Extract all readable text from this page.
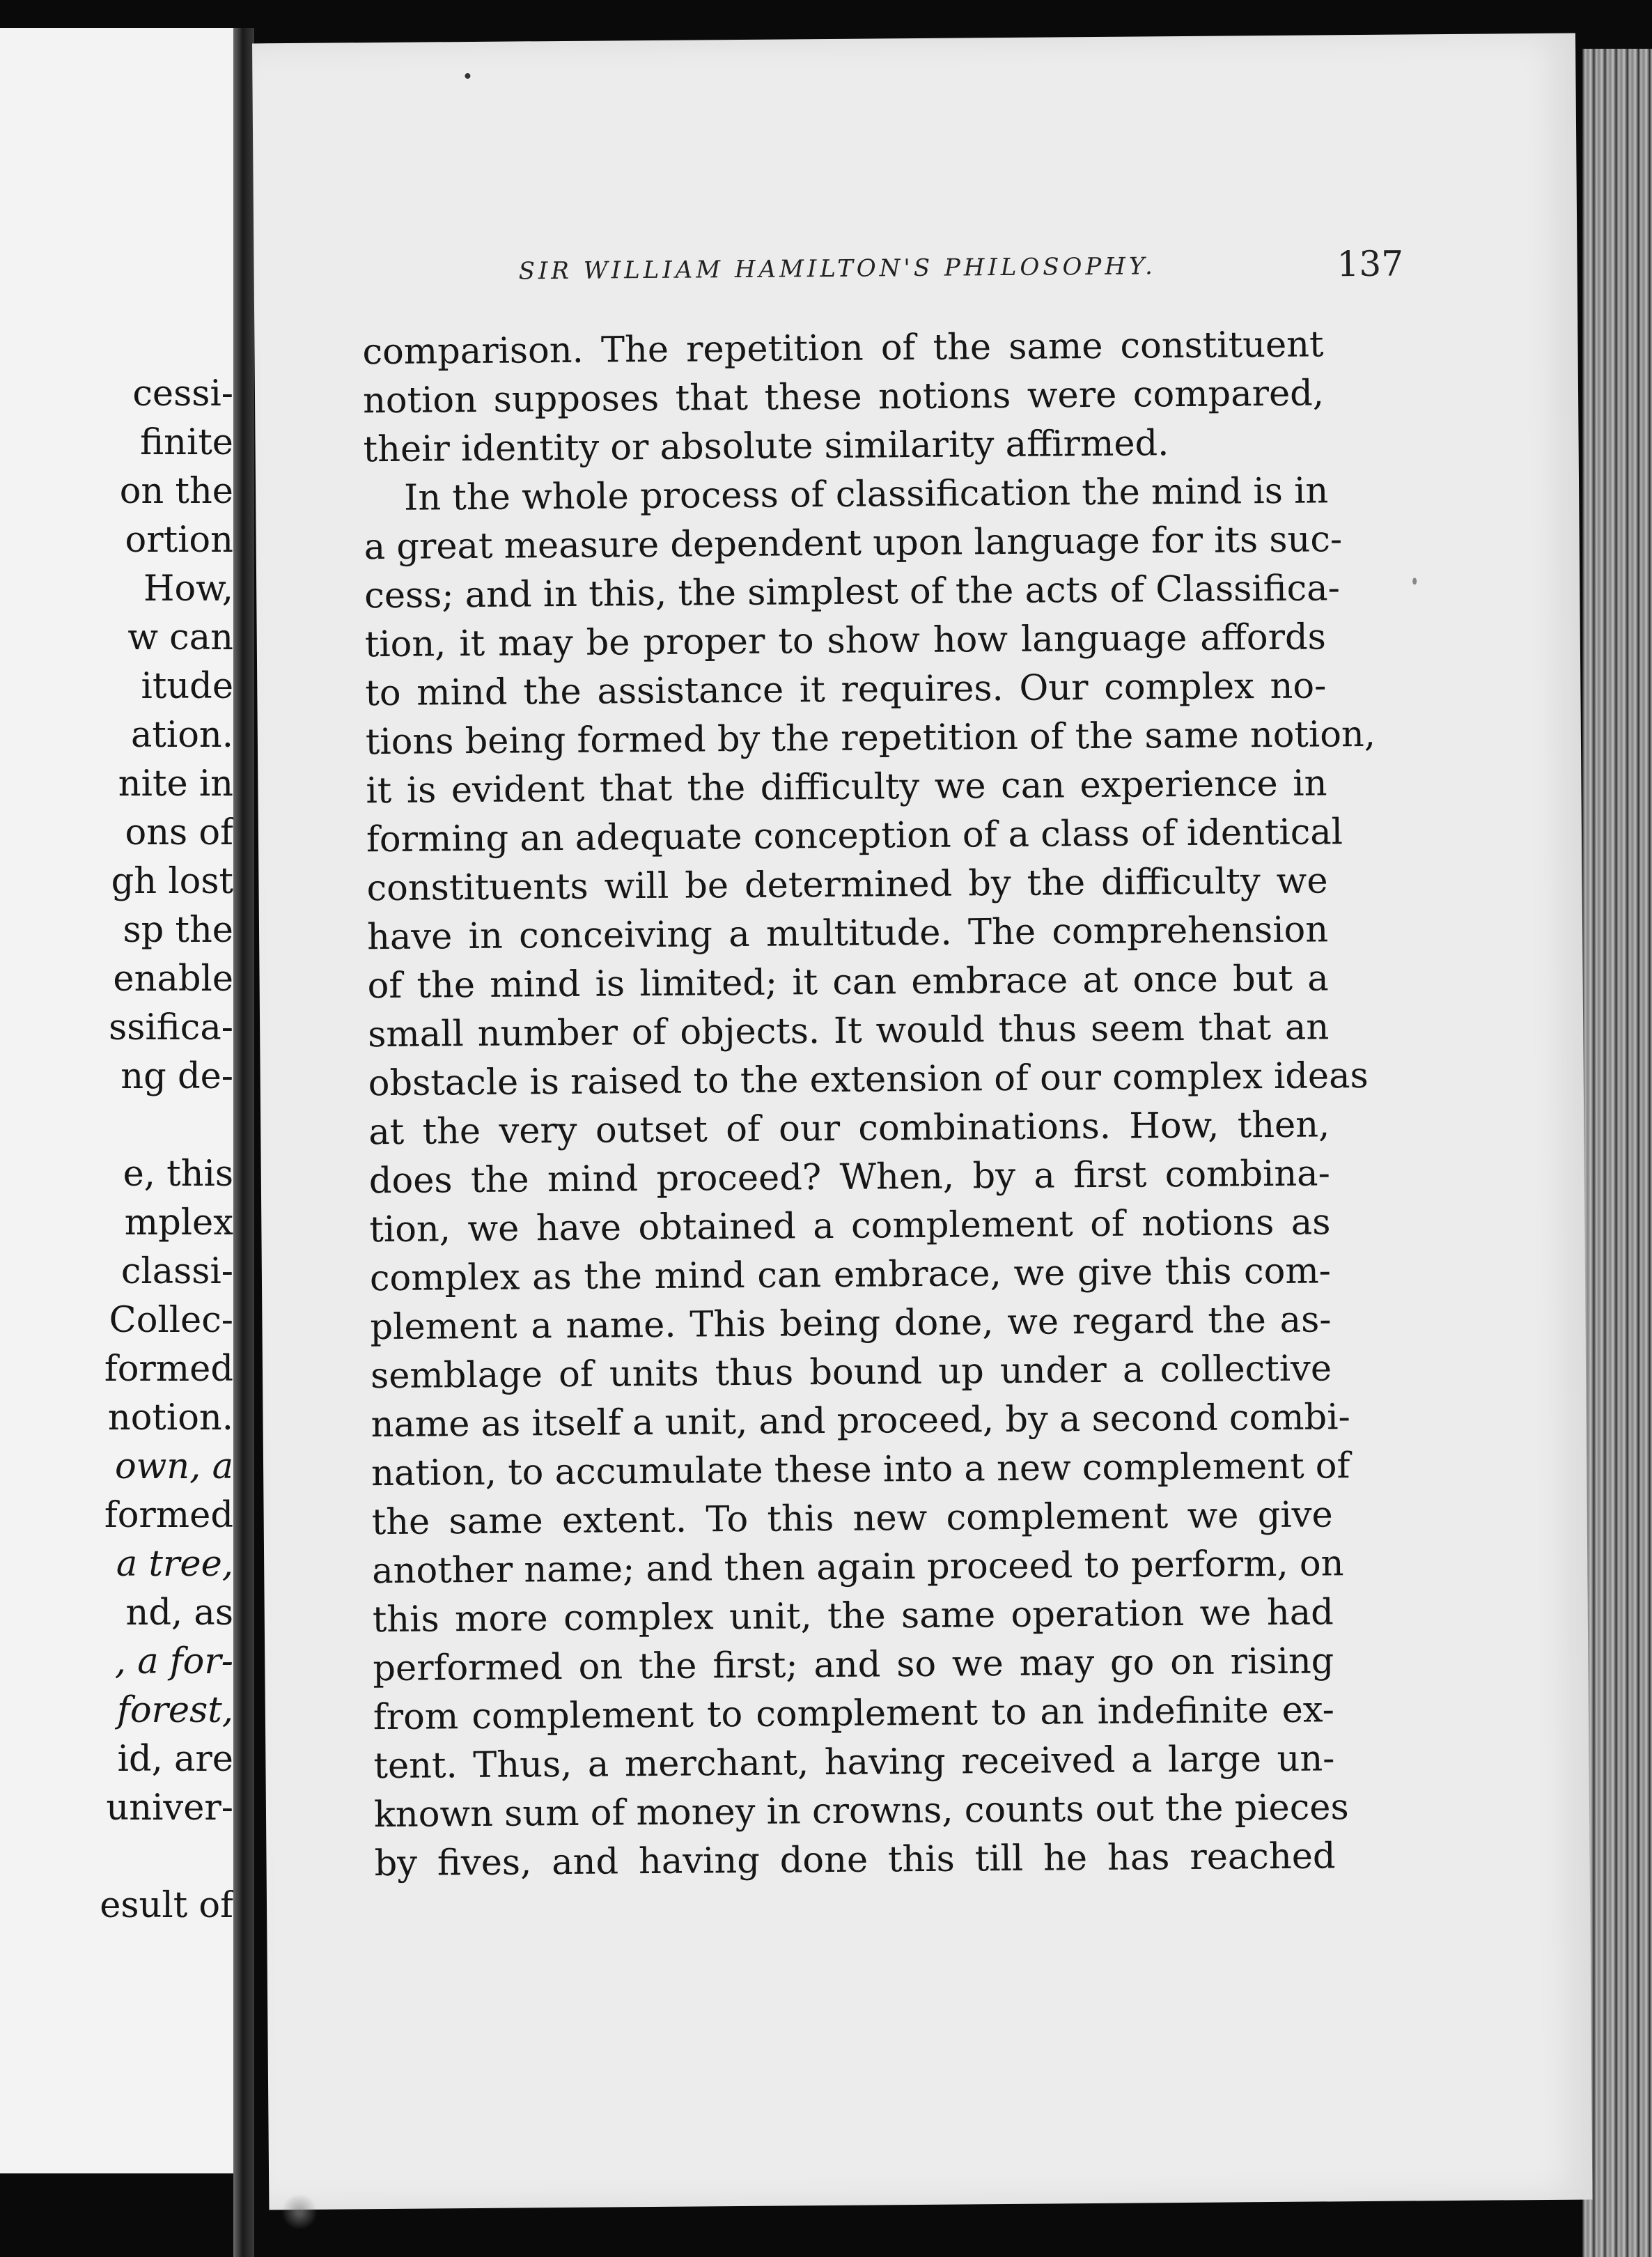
cessi-
finite
on the
ortion
How,
w can
itude
ation.
nite in
ons of
gh lost
sp the
enable
ssifica-
ng de-
e, this
mplex
classi-
Collec-
formed
notion.
own, a
formed
a tree,
nd, as
, a for-
forest,
id, are
univer-
esult of
SIR WILLIAM HAMILTON'S PHILOSOPHY.	137
comparison. The repetition of the same constituent
notion supposes that these notions were compared,
their identity or absolute similarity affirmed.
In the whole process of classification the mind is in
a great measure dependent upon language for its suc-
cess; and in this, the simplest of the acts of Classifica-
tion, it may be proper to show how language affords
to mind the assistance it requires. Our complex no-
tions being formed by the repetition of the same notion,
it is evident that the difficulty we can experience in
forming an adequate conception of a class of identical
constituents will be determined by the difficulty we
have in conceiving a multitude. The comprehension
of the mind is limited; it can embrace at once but a
small number of objects. It would thus seem that an
obstacle is raised to the extension of our complex ideas
at the very outset of our combinations. How, then,
does the mind proceed? When, by a first combina-
tion, we have obtained a complement of notions as
complex as the mind can embrace, we give this com-
plement a name. This being done, we regard the as-
semblage of units thus bound up under a collective
name as itself a unit, and proceed, by a second combi-
nation, to accumulate these into a new complement of
the same extent. To this new complement we give
another name; and then again proceed to perform, on
this more complex unit, the same operation we had
performed on the first; and so we may go on rising
from complement to complement to an indefinite ex-
tent. Thus, a merchant, having received a large un-
known sum of money in crowns, counts out the pieces
by fives, and having done this till he has reached
